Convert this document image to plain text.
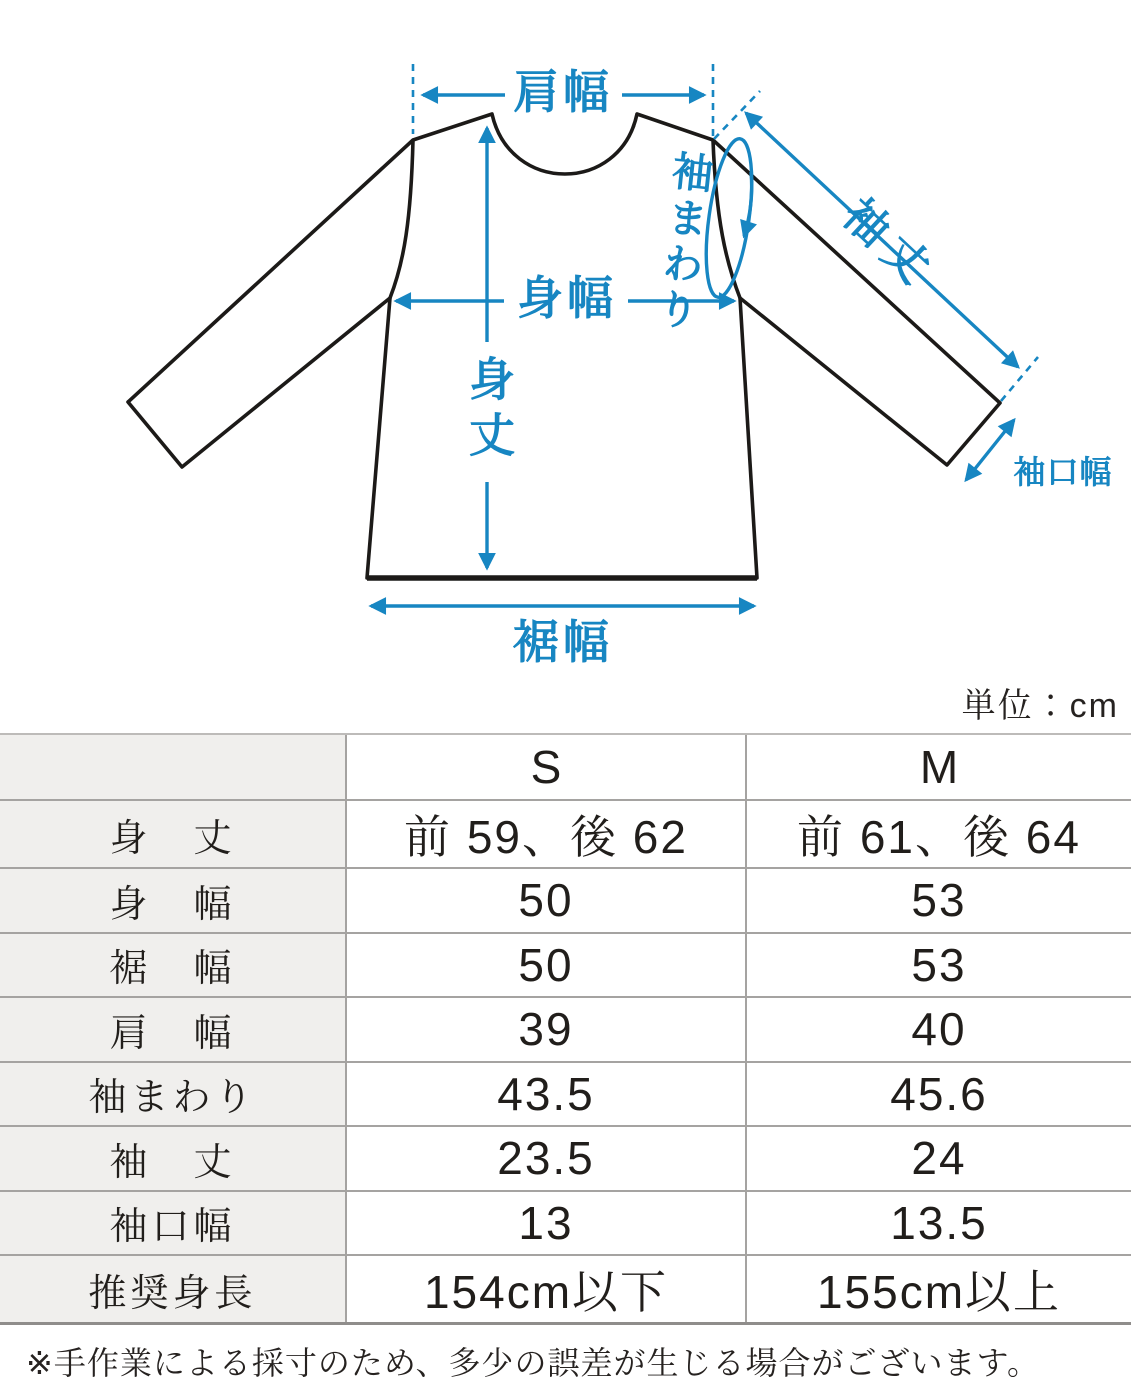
肩幅
袖まわり	袖丈
身幅
身丈
袖口幅
裾幅
単位：cm
	S	M
身　丈	前 59、後 62	前 61、後 64
身　幅	50	53
裾　幅	50	53
肩　幅	39	40
袖まわり	43.5	45.6
袖　丈	23.5	24
袖口幅	13	13.5
推奨身長	154cm以下	155cm以上
※手作業による採寸のため、多少の誤差が生じる場合がございます。
